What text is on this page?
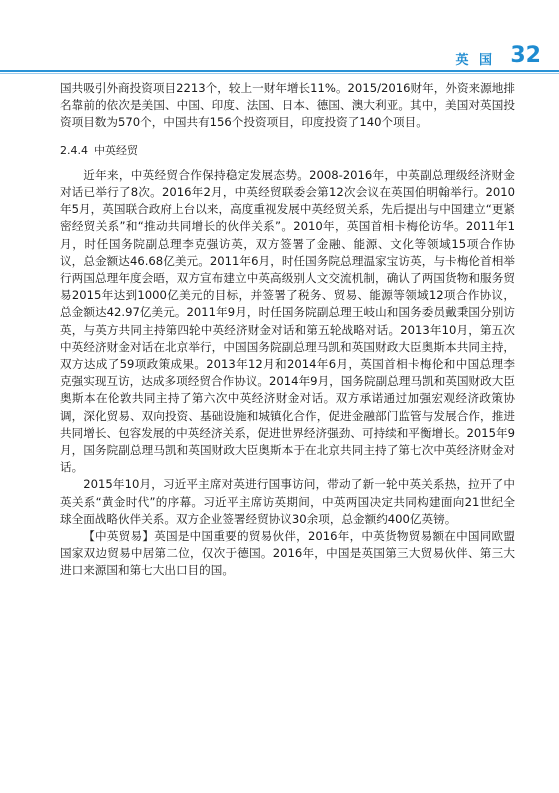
英 国 32

国共吸引外商投资项目2213个，较上一财年增长11%。2015/2016财年，外资来源地排名靠前的依次是美国、中国、印度、法国、日本、德国、澳大利亚。其中，美国对英国投资项目数为570个，中国共有156个投资项目，印度投资了140个项目。

2.4.4 中英经贸

近年来，中英经贸合作保持稳定发展态势。2008-2016年，中英副总理级经济财金对话已举行了8次。2016年2月，中英经贸联委会第12次会议在英国伯明翰举行。2010年5月，英国联合政府上台以来，高度重视发展中英经贸关系，先后提出与中国建立“更紧密经贸关系”和“推动共同增长的伙伴关系”。2010年，英国首相卡梅伦访华。2011年1月，时任国务院副总理李克强访英，双方签署了金融、能源、文化等领域15项合作协议，总金额达46.68亿美元。2011年6月，时任国务院总理温家宝访英，与卡梅伦首相举行两国总理年度会晤，双方宣布建立中英高级别人文交流机制，确认了两国货物和服务贸易2015年达到1000亿美元的目标，并签署了税务、贸易、能源等领域12项合作协议，总金额达42.97亿美元。2011年9月，时任国务院副总理王岐山和国务委员戴秉国分别访英，与英方共同主持第四轮中英经济财金对话和第五轮战略对话。2013年10月，第五次中英经济财金对话在北京举行，中国国务院副总理马凯和英国财政大臣奥斯本共同主持，双方达成了59项政策成果。2013年12月和2014年6月，英国首相卡梅伦和中国总理李克强实现互访，达成多项经贸合作协议。2014年9月，国务院副总理马凯和英国财政大臣奥斯本在伦敦共同主持了第六次中英经济财金对话。双方承诺通过加强宏观经济政策协调，深化贸易、双向投资、基础设施和城镇化合作，促进金融部门监管与发展合作，推进共同增长、包容发展的中英经济关系，促进世界经济强劲、可持续和平衡增长。2015年9月，国务院副总理马凯和英国财政大臣奥斯本于在北京共同主持了第七次中英经济财金对话。

2015年10月，习近平主席对英进行国事访问，带动了新一轮中英关系热，拉开了中英关系“黄金时代”的序幕。习近平主席访英期间，中英两国决定共同构建面向21世纪全球全面战略伙伴关系。双方企业签署经贸协议30余项，总金额约400亿英镑。

【中英贸易】英国是中国重要的贸易伙伴，2016年，中英货物贸易额在中国同欧盟国家双边贸易中居第二位，仅次于德国。2016年，中国是英国第三大贸易伙伴、第三大进口来源国和第七大出口目的国。
